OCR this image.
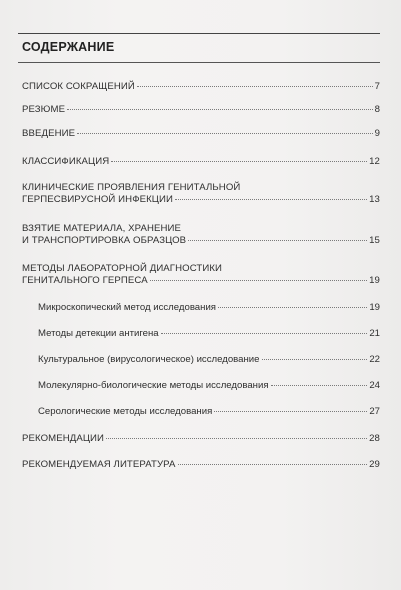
СОДЕРЖАНИЕ
СПИСОК СОКРАЩЕНИЙ	7
РЕЗЮМЕ	8
ВВЕДЕНИЕ	9
КЛАССИФИКАЦИЯ	12
КЛИНИЧЕСКИЕ ПРОЯВЛЕНИЯ ГЕНИТАЛЬНОЙ
ГЕРПЕСВИРУСНОЙ ИНФЕКЦИИ	13
ВЗЯТИЕ МАТЕРИАЛА, ХРАНЕНИЕ
И ТРАНСПОРТИРОВКА ОБРАЗЦОВ	15
МЕТОДЫ ЛАБОРАТОРНОЙ ДИАГНОСТИКИ
ГЕНИТАЛЬНОГО ГЕРПЕСА	19
Микроскопический метод исследования	19
Методы детекции антигена	21
Культуральное (вирусологическое) исследование	22
Молекулярно-биологические методы исследования	24
Серологические методы исследования	27
РЕКОМЕНДАЦИИ	28
РЕКОМЕНДУЕМАЯ ЛИТЕРАТУРА	29
